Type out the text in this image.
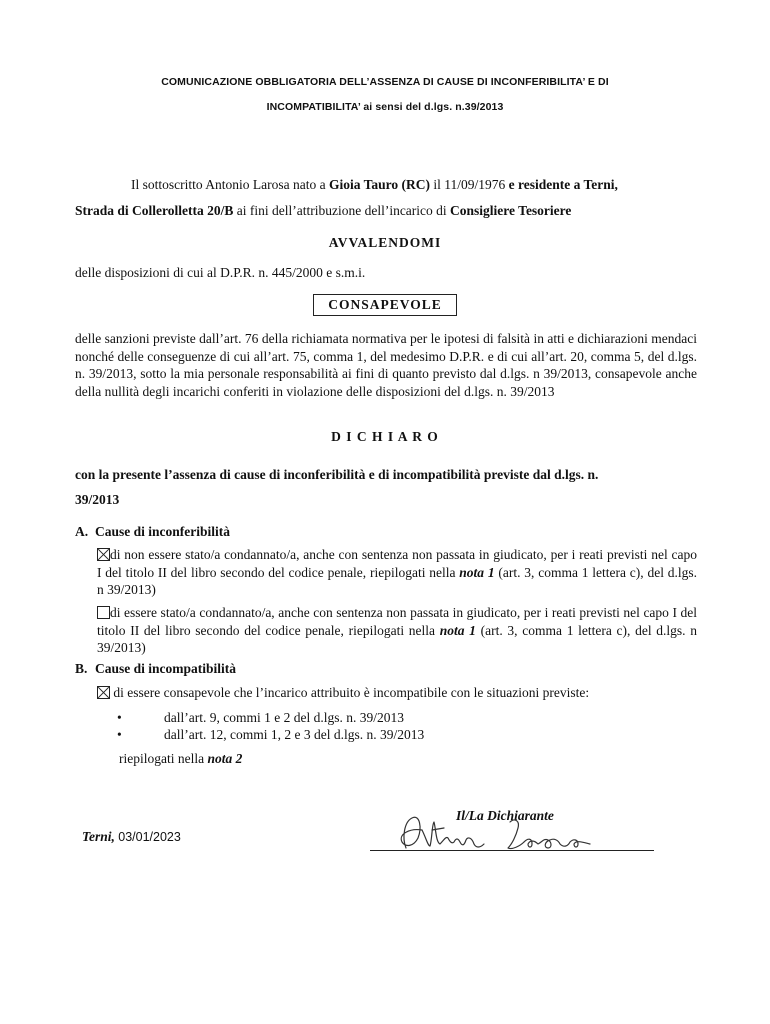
COMUNICAZIONE OBBLIGATORIA DELL’ASSENZA DI CAUSE DI INCONFERIBILITA’ E DI
INCOMPATIBILITA’ ai sensi del d.lgs. n.39/2013
Il sottoscritto Antonio Larosa nato a Gioia Tauro (RC) il 11/09/1976 e residente a Terni,
Strada di Collerolletta 20/B ai fini dell’attribuzione dell’incarico di Consigliere Tesoriere
AVVALENDOMI
delle disposizioni di cui al D.P.R. n. 445/2000 e s.m.i.
CONSAPEVOLE
delle sanzioni previste dall’art. 76 della richiamata normativa per le ipotesi di falsità in atti e dichiarazioni mendaci nonché delle conseguenze di cui all’art. 75, comma 1, del medesimo D.P.R. e di cui all’art. 20, comma 5, del d.lgs. n. 39/2013, sotto la mia personale responsabilità ai fini di quanto previsto dal d.lgs. n 39/2013, consapevole anche della nullità degli incarichi conferiti in violazione delle disposizioni del d.lgs. n. 39/2013
D I C H I A R O
con la presente l’assenza di cause di inconferibilità e di incompatibilità previste dal d.lgs. n.
39/2013
A. Cause di inconferibilità
di non essere stato/a condannato/a, anche con sentenza non passata in giudicato, per i reati previsti nel capo I del titolo II del libro secondo del codice penale, riepilogati nella nota 1 (art. 3, comma 1 lettera c), del d.lgs. n 39/2013)
di essere stato/a condannato/a, anche con sentenza non passata in giudicato, per i reati previsti nel capo I del titolo II del libro secondo del codice penale, riepilogati nella nota 1 (art. 3, comma 1 lettera c), del d.lgs. n 39/2013)
B. Cause di incompatibilità
di essere consapevole che l’incarico attribuito è incompatibile con le situazioni previste:
•	dall’art. 9, commi 1 e 2 del d.lgs. n. 39/2013
•	dall’art. 12, commi 1, 2 e 3 del d.lgs. n. 39/2013
riepilogati nella nota 2
Il/La Dichiarante
Terni, 03/01/2023
